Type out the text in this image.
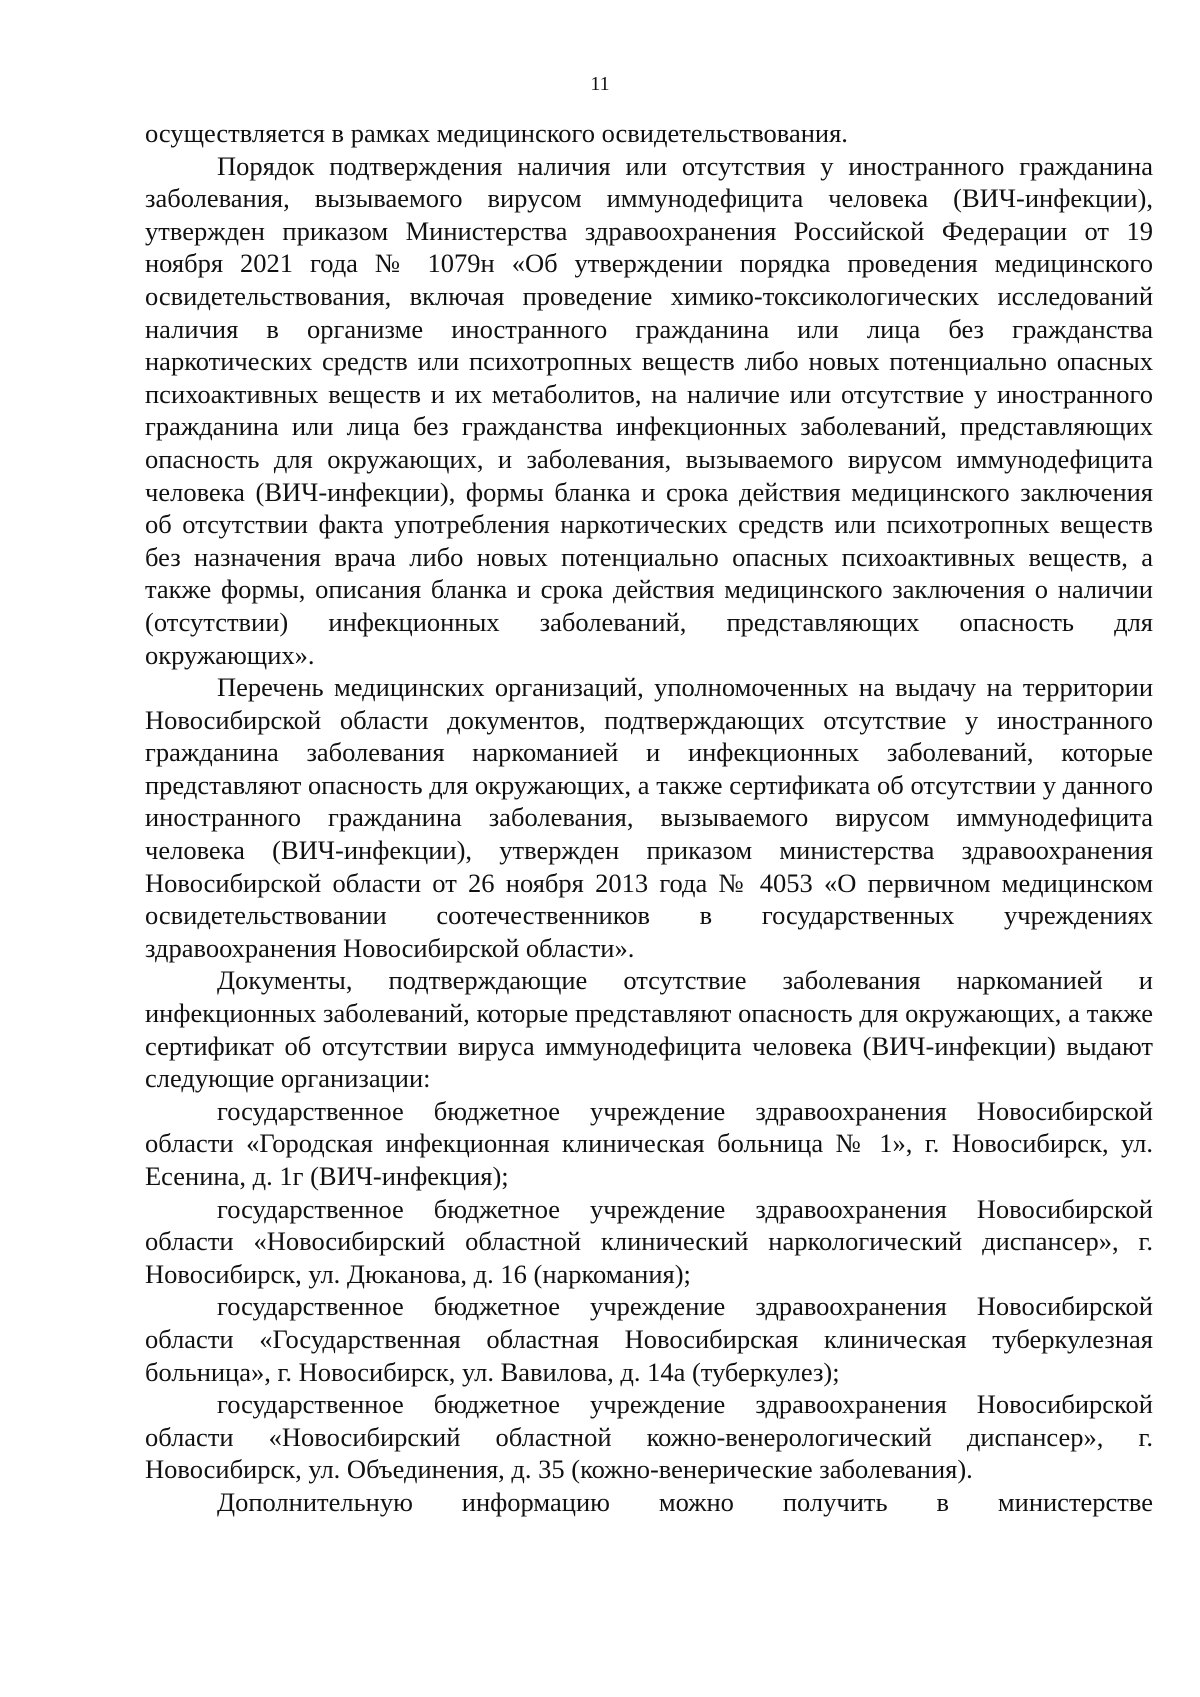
11

осуществляется в рамках медицинского освидетельствования.

Порядок подтверждения наличия или отсутствия у иностранного гражданина заболевания, вызываемого вирусом иммунодефицита человека (ВИЧ-инфекции), утвержден приказом Министерства здравоохранения Российской Федерации от 19 ноября 2021 года № 1079н «Об утверждении порядка проведения медицинского освидетельствования, включая проведение химико-токсикологических исследований наличия в организме иностранного гражданина или лица без гражданства наркотических средств или психотропных веществ либо новых потенциально опасных психоактивных веществ и их метаболитов, на наличие или отсутствие у иностранного гражданина или лица без гражданства инфекционных заболеваний, представляющих опасность для окружающих, и заболевания, вызываемого вирусом иммунодефицита человека (ВИЧ-инфекции), формы бланка и срока действия медицинского заключения об отсутствии факта употребления наркотических средств или психотропных веществ без назначения врача либо новых потенциально опасных психоактивных веществ, а также формы, описания бланка и срока действия медицинского заключения о наличии (отсутствии) инфекционных заболеваний, представляющих опасность для окружающих».

Перечень медицинских организаций, уполномоченных на выдачу на территории Новосибирской области документов, подтверждающих отсутствие у иностранного гражданина заболевания наркоманией и инфекционных заболеваний, которые представляют опасность для окружающих, а также сертификата об отсутствии у данного иностранного гражданина заболевания, вызываемого вирусом иммунодефицита человека (ВИЧ-инфекции), утвержден приказом министерства здравоохранения Новосибирской области от 26 ноября 2013 года № 4053 «О первичном медицинском освидетельствовании соотечественников в государственных учреждениях здравоохранения Новосибирской области».

Документы, подтверждающие отсутствие заболевания наркоманией и инфекционных заболеваний, которые представляют опасность для окружающих, а также сертификат об отсутствии вируса иммунодефицита человека (ВИЧ-инфекции) выдают следующие организации:

государственное бюджетное учреждение здравоохранения Новосибирской области «Городская инфекционная клиническая больница № 1», г. Новосибирск, ул. Есенина, д. 1г (ВИЧ-инфекция);

государственное бюджетное учреждение здравоохранения Новосибирской области «Новосибирский областной клинический наркологический диспансер», г. Новосибирск, ул. Дюканова, д. 16 (наркомания);

государственное бюджетное учреждение здравоохранения Новосибирской области «Государственная областная Новосибирская клиническая туберкулезная больница», г. Новосибирск, ул. Вавилова, д. 14а (туберкулез);

государственное бюджетное учреждение здравоохранения Новосибирской области «Новосибирский областной кожно-венерологический диспансер», г. Новосибирск, ул. Объединения, д. 35 (кожно-венерические заболевания).

Дополнительную информацию можно получить в министерстве
